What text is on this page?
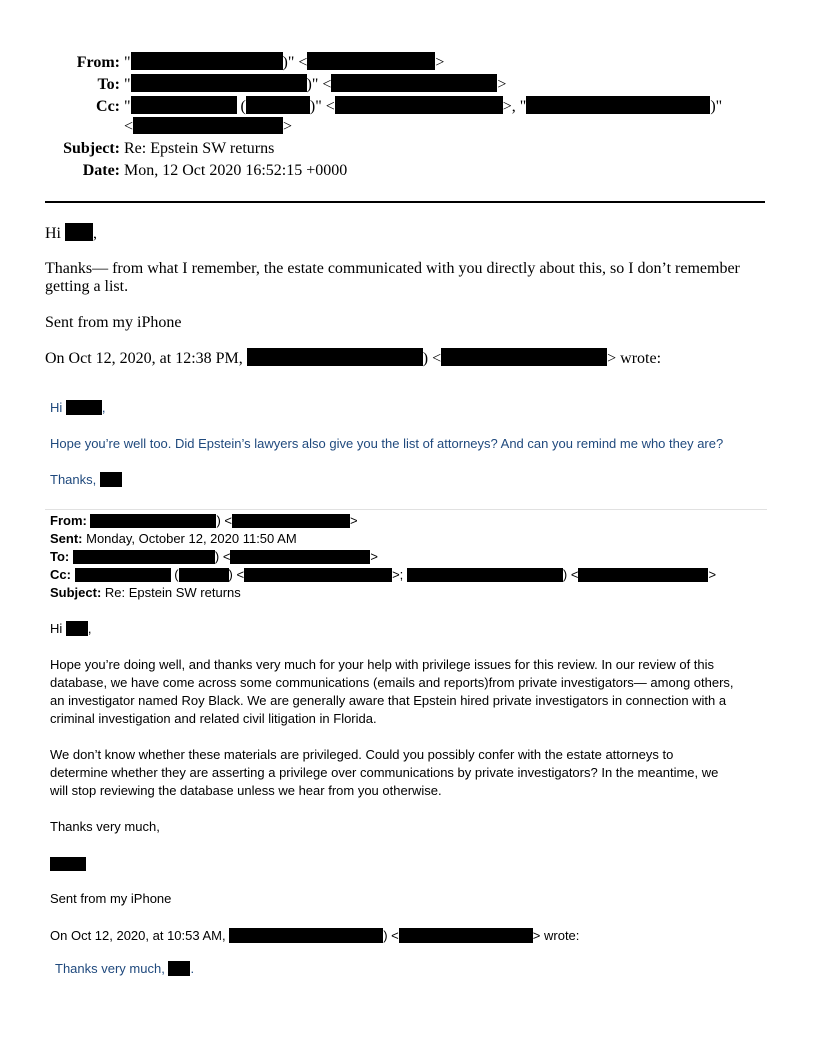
From: "	)" <	>
To: "	)" <	>
Cc: "	(	)" <	>, "	)"
<	>
Subject: Re: Epstein SW returns
Date: Mon, 12 Oct 2020 16:52:15 +0000
Hi ,
Thanks— from what I remember, the estate communicated with you directly about this, so I don’t remember
getting a list.
Sent from my iPhone
On Oct 12, 2020, at 12:38 PM,	) <	> wrote:
Hi	,
Hope you’re well too. Did Epstein’s lawyers also give you the list of attorneys? And can you remind me who they are?
Thanks,
From:	) <	>
Sent: Monday, October 12, 2020 11:50 AM
To:	) <	>
Cc:	(	) <	>;	) <	>
Subject: Re: Epstein SW returns
Hi ,
Hope you’re doing well, and thanks very much for your help with privilege issues for this review. In our review of this
database, we have come across some communications (emails and reports)from private investigators— among others,
an investigator named Roy Black. We are generally aware that Epstein hired private investigators in connection with a
criminal investigation and related civil litigation in Florida.
We don’t know whether these materials are privileged. Could you possibly confer with the estate attorneys to
determine whether they are asserting a privilege over communications by private investigators? In the meantime, we
will stop reviewing the database unless we hear from you otherwise.
Thanks very much,
Sent from my iPhone
On Oct 12, 2020, at 10:53 AM,	) <	> wrote:
Thanks very much, .
